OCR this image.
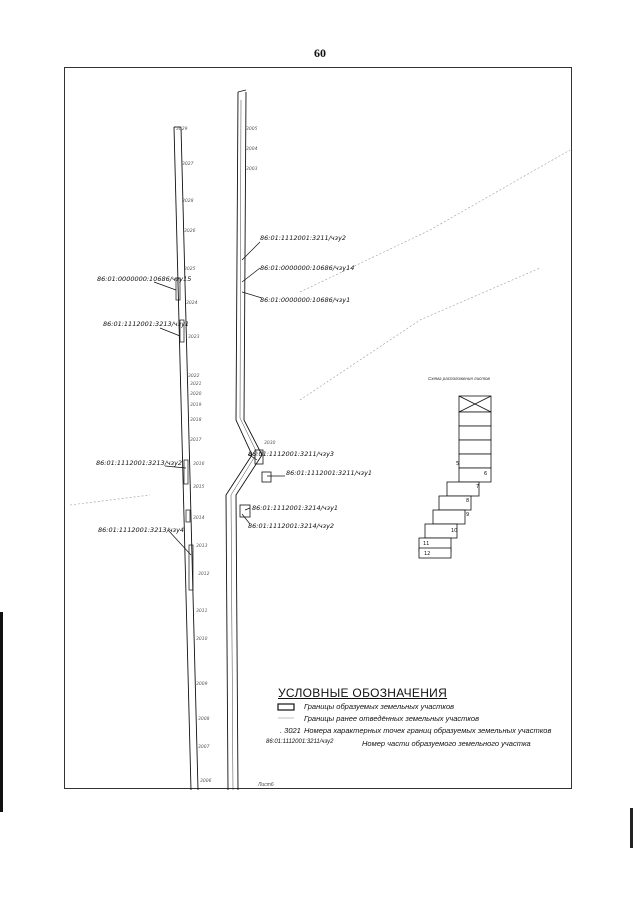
60
86:01:1112001:3211/чзу2
86:01:0000000:10686/чзу14
86:01:0000000:10686/чзу1
86:01:0000000:10686/чзу15
86:01:1112001:3213/чзу1
86:01:1112001:3213/чзу2
86:01:1112001:3211/чзу3
86:01:1112001:3211/чзу1
86:01:1112001:3214/чзу1
86:01:1112001:3214/чзу2
86:01:1112001:3213/чзу4
3029
3027
3028
3026
3025
3024
3023
3022
3021
3020
3019
3018
3017
3016
3015
3014
3013
3012
3011
3010
3009
3008
3007
3006
3005
3004
3003
3030
5
6
7
8
9
10
11
12
Схема расположения листов
УСЛОВНЫЕ ОБОЗНАЧЕНИЯ
Границы образуемых земельных участков
Границы ранее отведённых земельных участков
. 3021 Номера характерных точек границ образуемых земельных участков
86:01:1112001:3211/чзу2	Номер части образуемого земельного участка
Лист6
